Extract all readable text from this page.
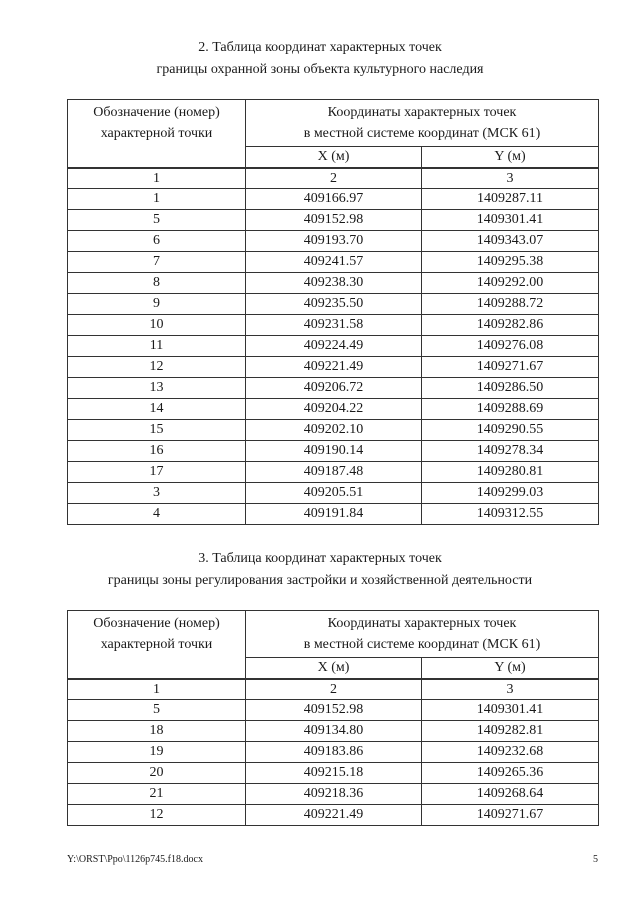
2. Таблица координат характерных точек
границы охранной зоны объекта культурного наследия
Обозначение (номер)
характерной точки	Координаты характерных точек
в местной системе координат (МСК 61)	

	X (м)	Y (м)
1	2	3
1	409166.97	1409287.11
5	409152.98	1409301.41
6	409193.70	1409343.07
7	409241.57	1409295.38
8	409238.30	1409292.00
9	409235.50	1409288.72
10	409231.58	1409282.86
11	409224.49	1409276.08
12	409221.49	1409271.67
13	409206.72	1409286.50
14	409204.22	1409288.69
15	409202.10	1409290.55
16	409190.14	1409278.34
17	409187.48	1409280.81
3	409205.51	1409299.03
4	409191.84	1409312.55
3. Таблица координат характерных точек
границы зоны регулирования застройки и хозяйственной деятельности
Обозначение (номер)
характерной точки	Координаты характерных точек
в местной системе координат (МСК 61)	

	X (м)	Y (м)
1	2	3
5	409152.98	1409301.41
18	409134.80	1409282.81
19	409183.86	1409232.68
20	409215.18	1409265.36
21	409218.36	1409268.64
12	409221.49	1409271.67
Y:\ORST\Ppo\1126p745.f18.docx	5
